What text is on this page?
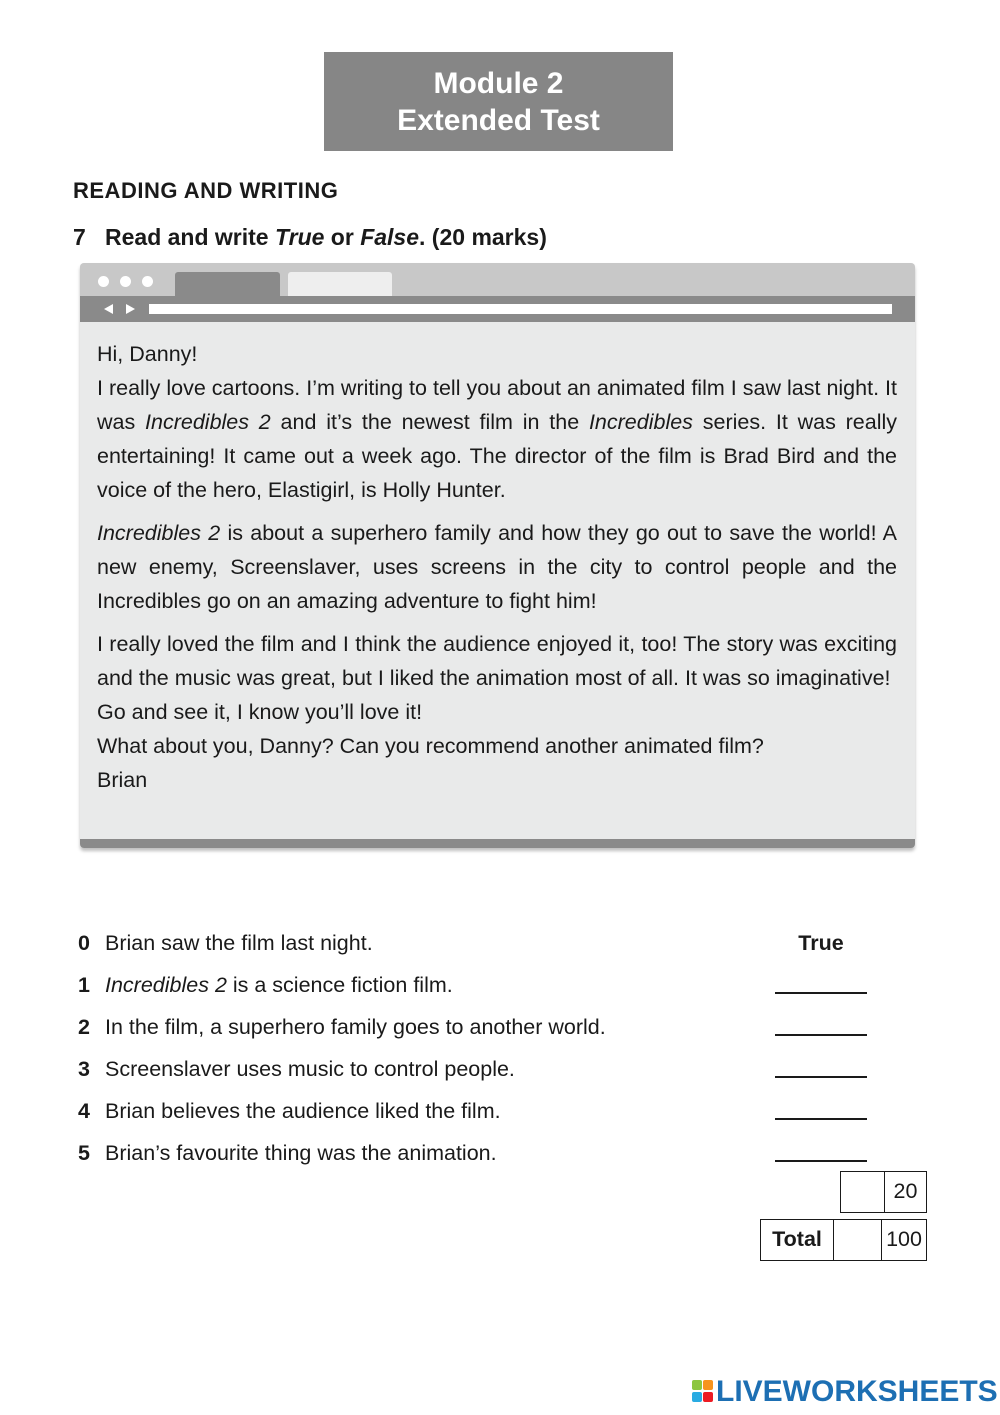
Module 2
Extended Test
READING AND WRITING
7 Read and write True or False. (20 marks)

Hi, Danny!

I really love cartoons. I’m writing to tell you about an animated film I saw last night. It was Incredibles 2 and it’s the newest film in the Incredibles series. It was really entertaining! It came out a week ago. The director of the film is Brad Bird and the voice of the hero, Elastigirl, is Holly Hunter.

Incredibles 2 is about a superhero family and how they go out to save the world! A new enemy, Screenslaver, uses screens in the city to control people and the Incredibles go on an amazing adventure to fight him!

I really loved the film and I think the audience enjoyed it, too! The story was exciting and the music was great, but I liked the animation most of all. It was so imaginative!

Go and see it, I know you’ll love it!

What about you, Danny? Can you recommend another animated film?

Brian

0 Brian saw the film last night.	True
1 Incredibles 2 is a science fiction film.
2 In the film, a superhero family goes to another world.
3 Screenslaver uses music to control people.
4 Brian believes the audience liked the film.
5 Brian’s favourite thing was the animation.
20
Total	100
LIVEWORKSHEETS
